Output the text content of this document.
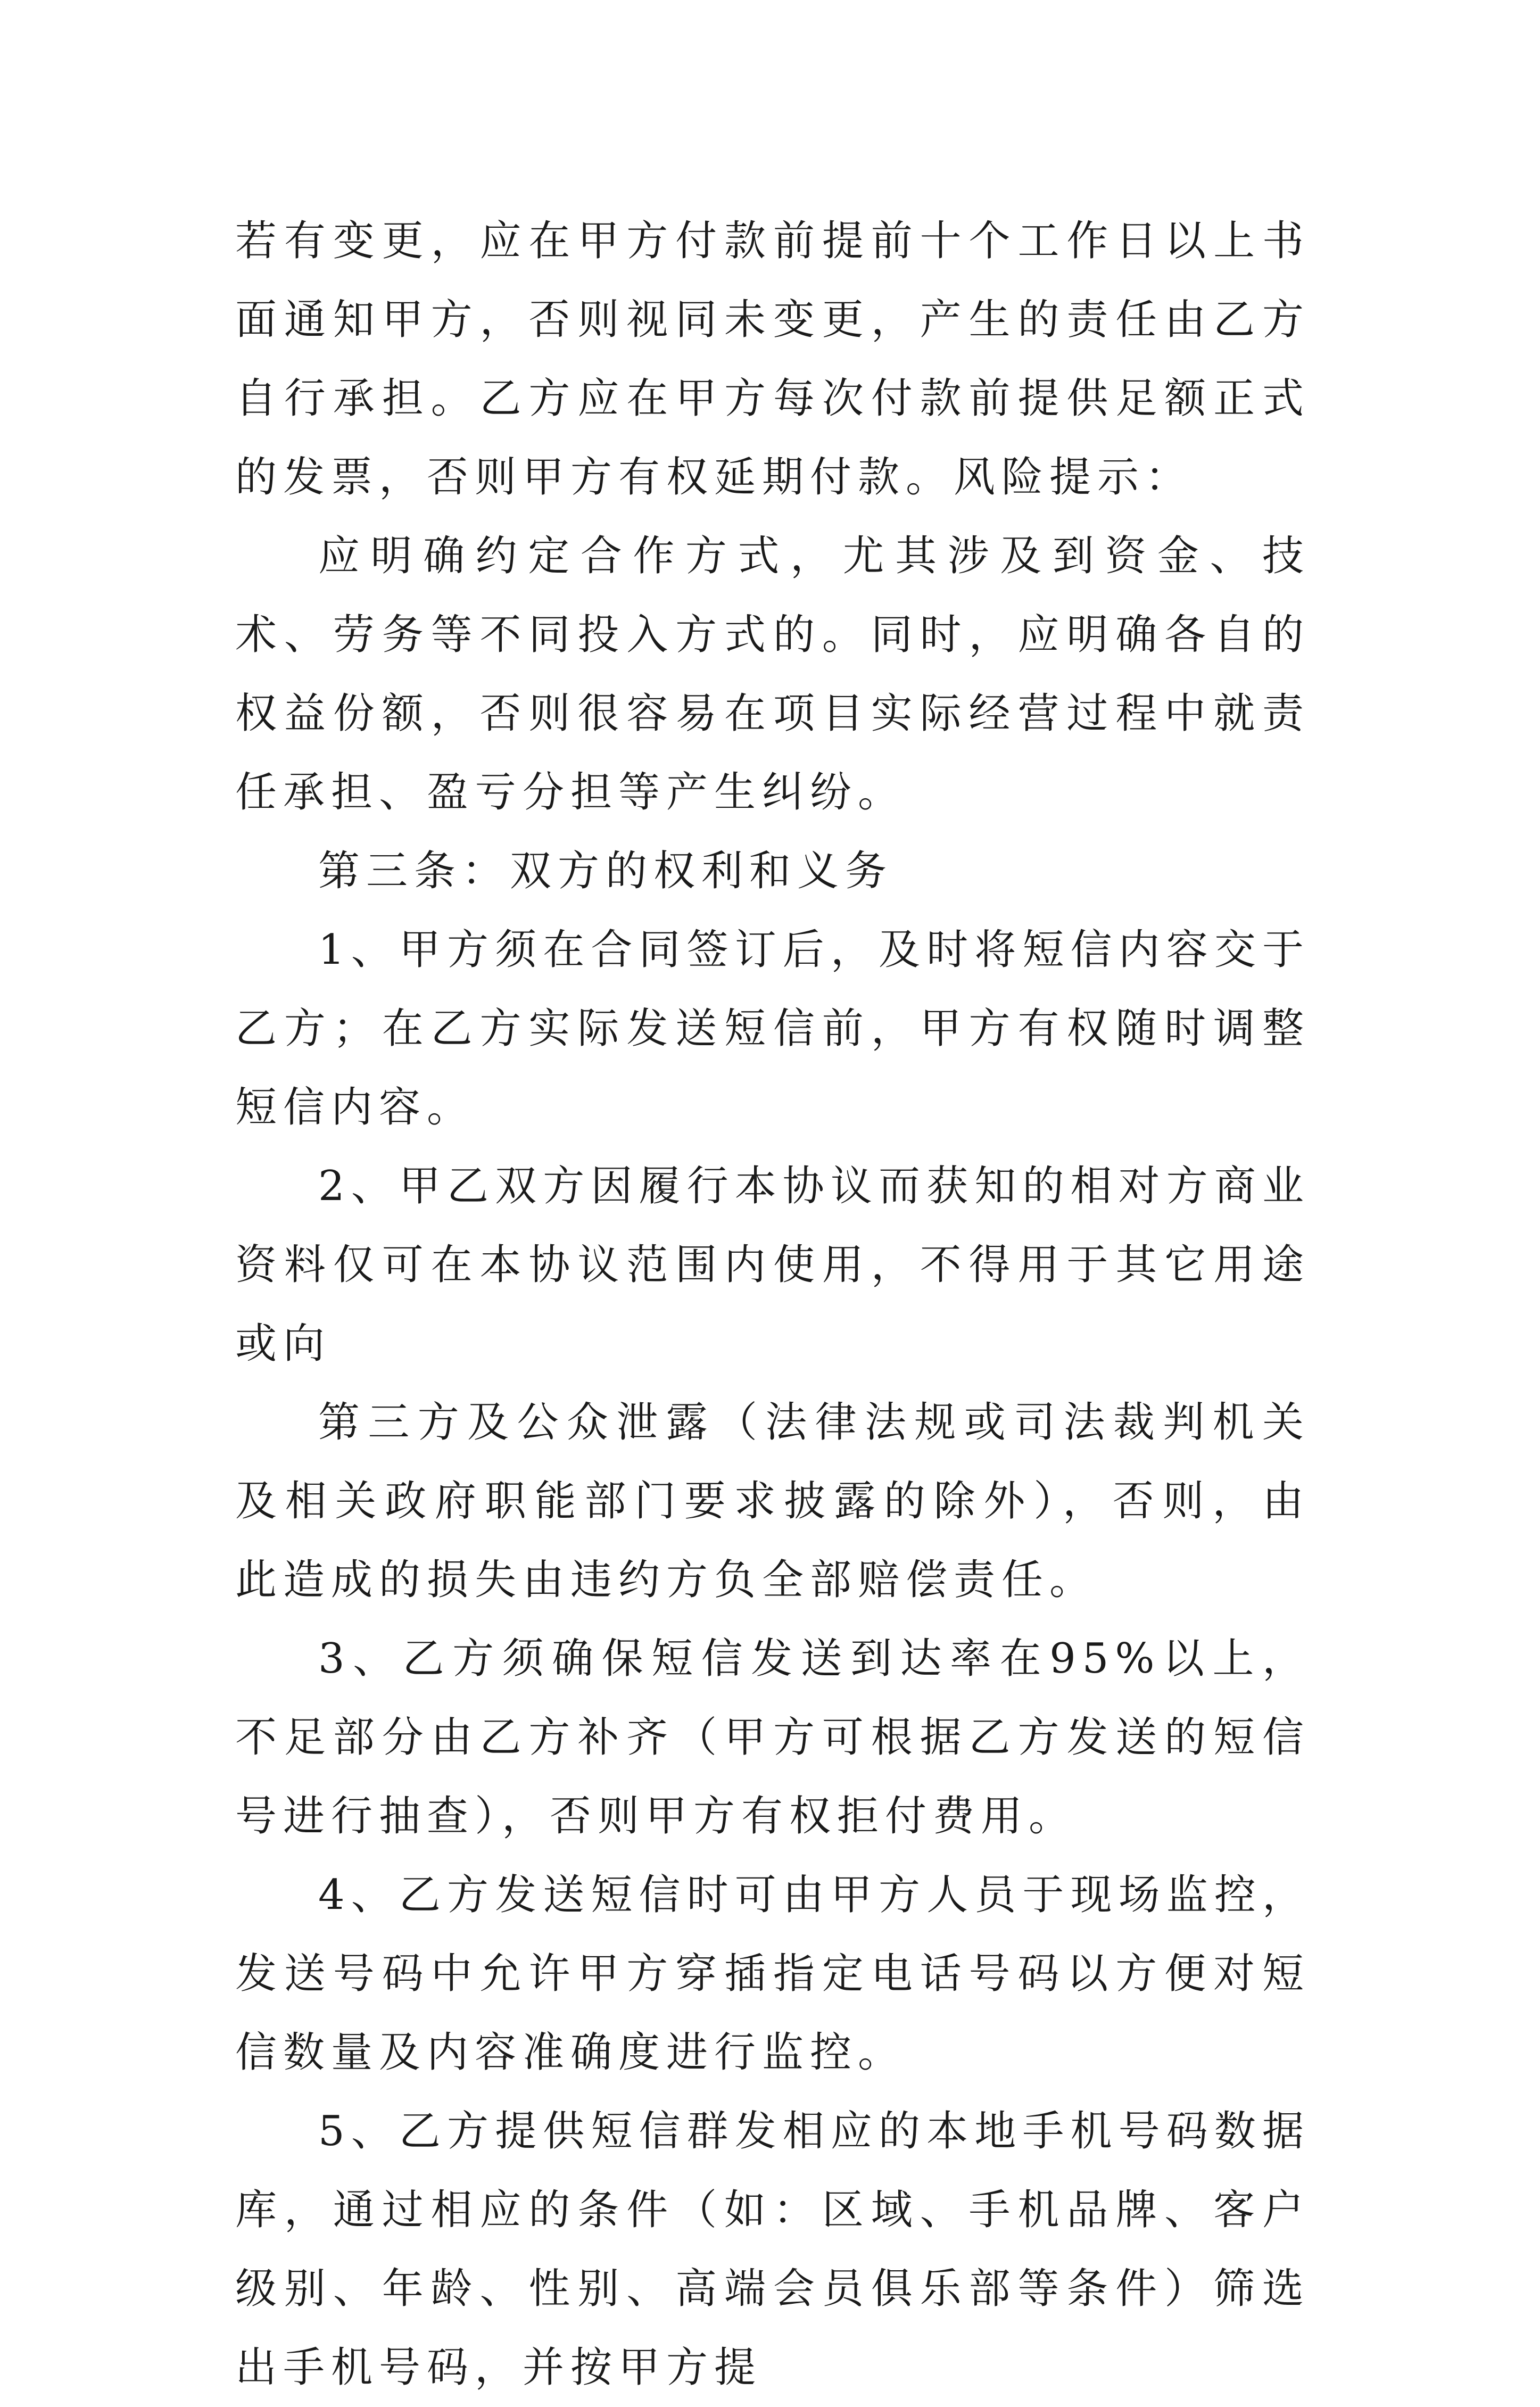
若有变更，应在甲方付款前提前十个工作日以上书面通知甲方，否则视同未变更，产生的责任由乙方自行承担。乙方应在甲方每次付款前提供足额正式的发票，否则甲方有权延期付款。风险提示：

应明确约定合作方式，尤其涉及到资金、技术、劳务等不同投入方式的。同时，应明确各自的权益份额，否则很容易在项目实际经营过程中就责任承担、盈亏分担等产生纠纷。

第三条：双方的权利和义务

1、甲方须在合同签订后，及时将短信内容交于乙方；在乙方实际发送短信前，甲方有权随时调整短信内容。

2、甲乙双方因履行本协议而获知的相对方商业资料仅可在本协议范围内使用，不得用于其它用途或向

第三方及公众泄露（法律法规或司法裁判机关及相关政府职能部门要求披露的除外），否则，由此造成的损失由违约方负全部赔偿责任。

3、乙方须确保短信发送到达率在95%以上，不足部分由乙方补齐（甲方可根据乙方发送的短信号进行抽查），否则甲方有权拒付费用。

4、乙方发送短信时可由甲方人员于现场监控，发送号码中允许甲方穿插指定电话号码以方便对短信数量及内容准确度进行监控。

5、乙方提供短信群发相应的本地手机号码数据库，通过相应的条件（如：区域、手机品牌、客户级别、年龄、性别、高端会员俱乐部等条件）筛选出手机号码，并按甲方提
